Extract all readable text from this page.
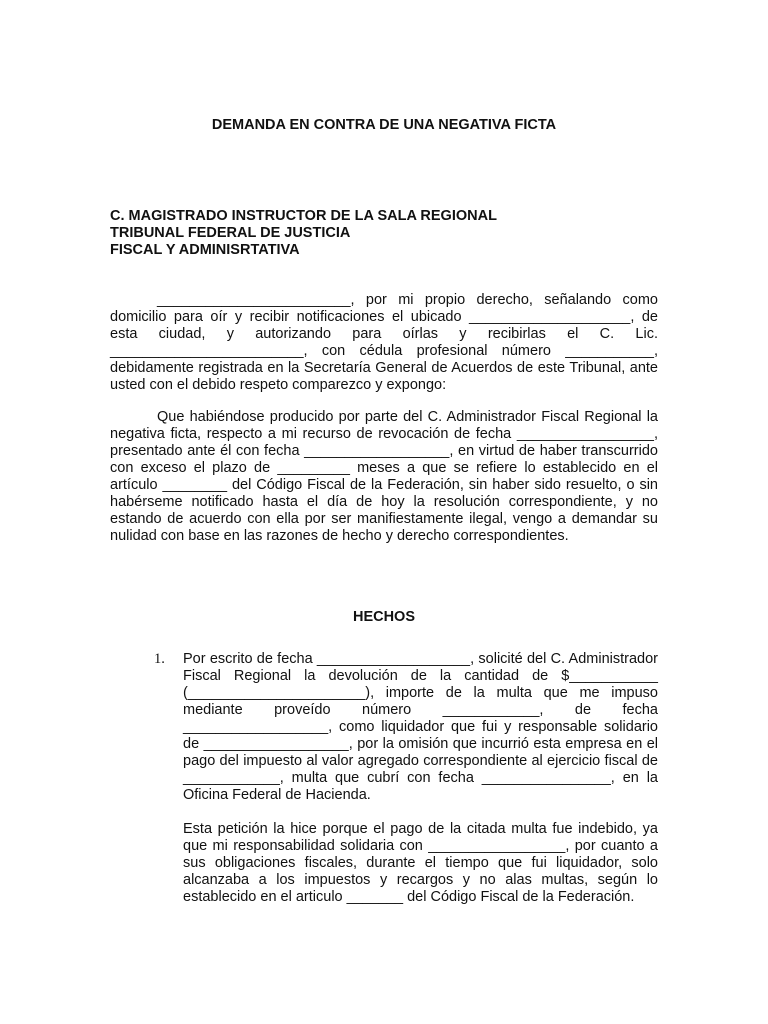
DEMANDA EN CONTRA DE UNA NEGATIVA FICTA
C. MAGISTRADO INSTRUCTOR DE LA SALA REGIONAL
TRIBUNAL FEDERAL DE JUSTICIA
FISCAL Y ADMINISRTATIVA

________________________, por mi propio derecho, señalando como domicilio para oír y recibir notificaciones el ubicado ____________________, de esta ciudad, y autorizando para oírlas y recibirlas el C. Lic. ________________________, con cédula profesional número ___________, debidamente registrada en la Secretaría General de Acuerdos de este Tribunal, ante usted con el debido respeto comparezco y expongo:

Que habiéndose producido por parte del C. Administrador Fiscal Regional la negativa ficta, respecto a mi recurso de revocación de fecha _________________, presentado ante él con fecha __________________, en virtud de haber transcurrido con exceso el plazo de _________ meses a que se refiere lo establecido en el artículo ________ del Código Fiscal de la Federación, sin haber sido resuelto, o sin habérseme notificado hasta el día de hoy la resolución correspondiente, y no estando de acuerdo con ella por ser manifiestamente ilegal, vengo a demandar su nulidad con base en las razones de hecho y derecho correspondientes.

HECHOS
1. Por escrito de fecha ___________________, solicité del C. Administrador Fiscal Regional la devolución de la cantidad de $___________ (______________________), importe de la multa que me impuso mediante proveído número ____________, de fecha __________________, como liquidador que fui y responsable solidario de __________________, por la omisión que incurrió esta empresa en el pago del impuesto al valor agregado correspondiente al ejercicio fiscal de ____________, multa que cubrí con fecha ________________, en la Oficina Federal de Hacienda.

Esta petición la hice porque el pago de la citada multa fue indebido, ya que mi responsabilidad solidaria con _________________, por cuanto a sus obligaciones fiscales, durante el tiempo que fui liquidador, solo alcanzaba a los impuestos y recargos y no alas multas, según lo establecido en el articulo _______ del Código Fiscal de la Federación.
